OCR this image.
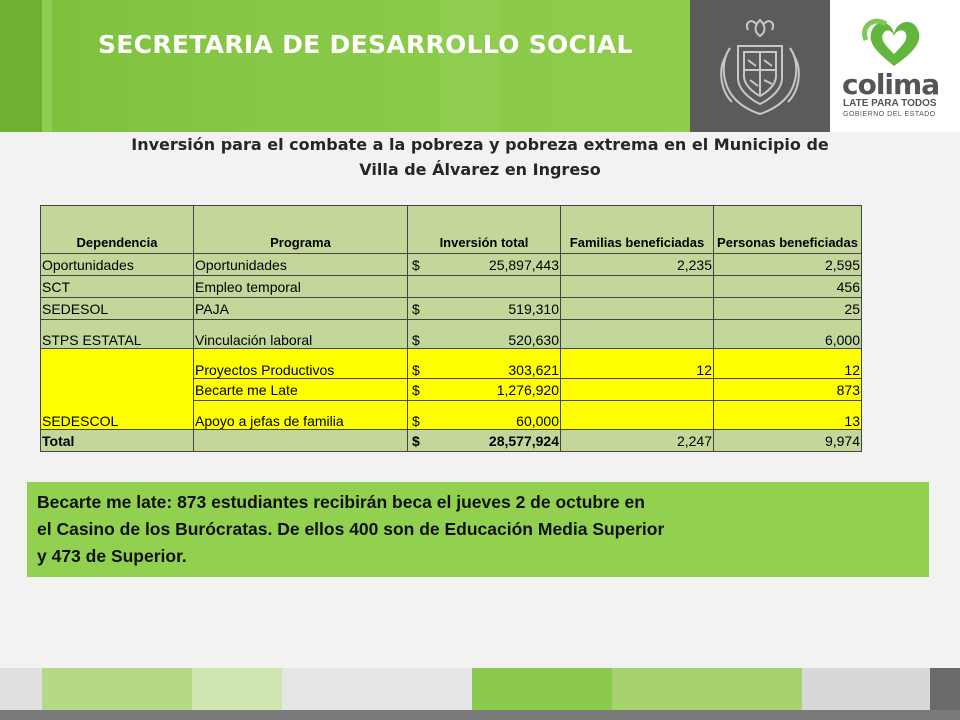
SECRETARIA DE DESARROLLO SOCIAL
colima
LATE PARA TODOS
GOBIERNO DEL ESTADO
Inversión para el combate a la pobreza y pobreza extrema en el Municipio de
Villa de Álvarez en Ingreso
Dependencia	Programa	Inversión total	Familias beneficiadas	Personas beneficiadas
Oportunidades	Oportunidades	$ 25,897,443	2,235	2,595
SCT	Empleo temporal			456
SEDESOL	PAJA	$ 519,310		25
STPS ESTATAL	Vinculación laboral	$ 520,630		6,000
SEDESCOL	Proyectos Productivos	$ 303,621	12	12
	Becarte me Late	$ 1,276,920		873
	Apoyo a jefas de familia	$ 60,000		13
Total		$ 28,577,924	2,247	9,974
Becarte me late: 873 estudiantes recibirán beca el jueves 2 de octubre en
el Casino de los Burócratas. De ellos 400 son de Educación Media Superior
y 473 de Superior.
